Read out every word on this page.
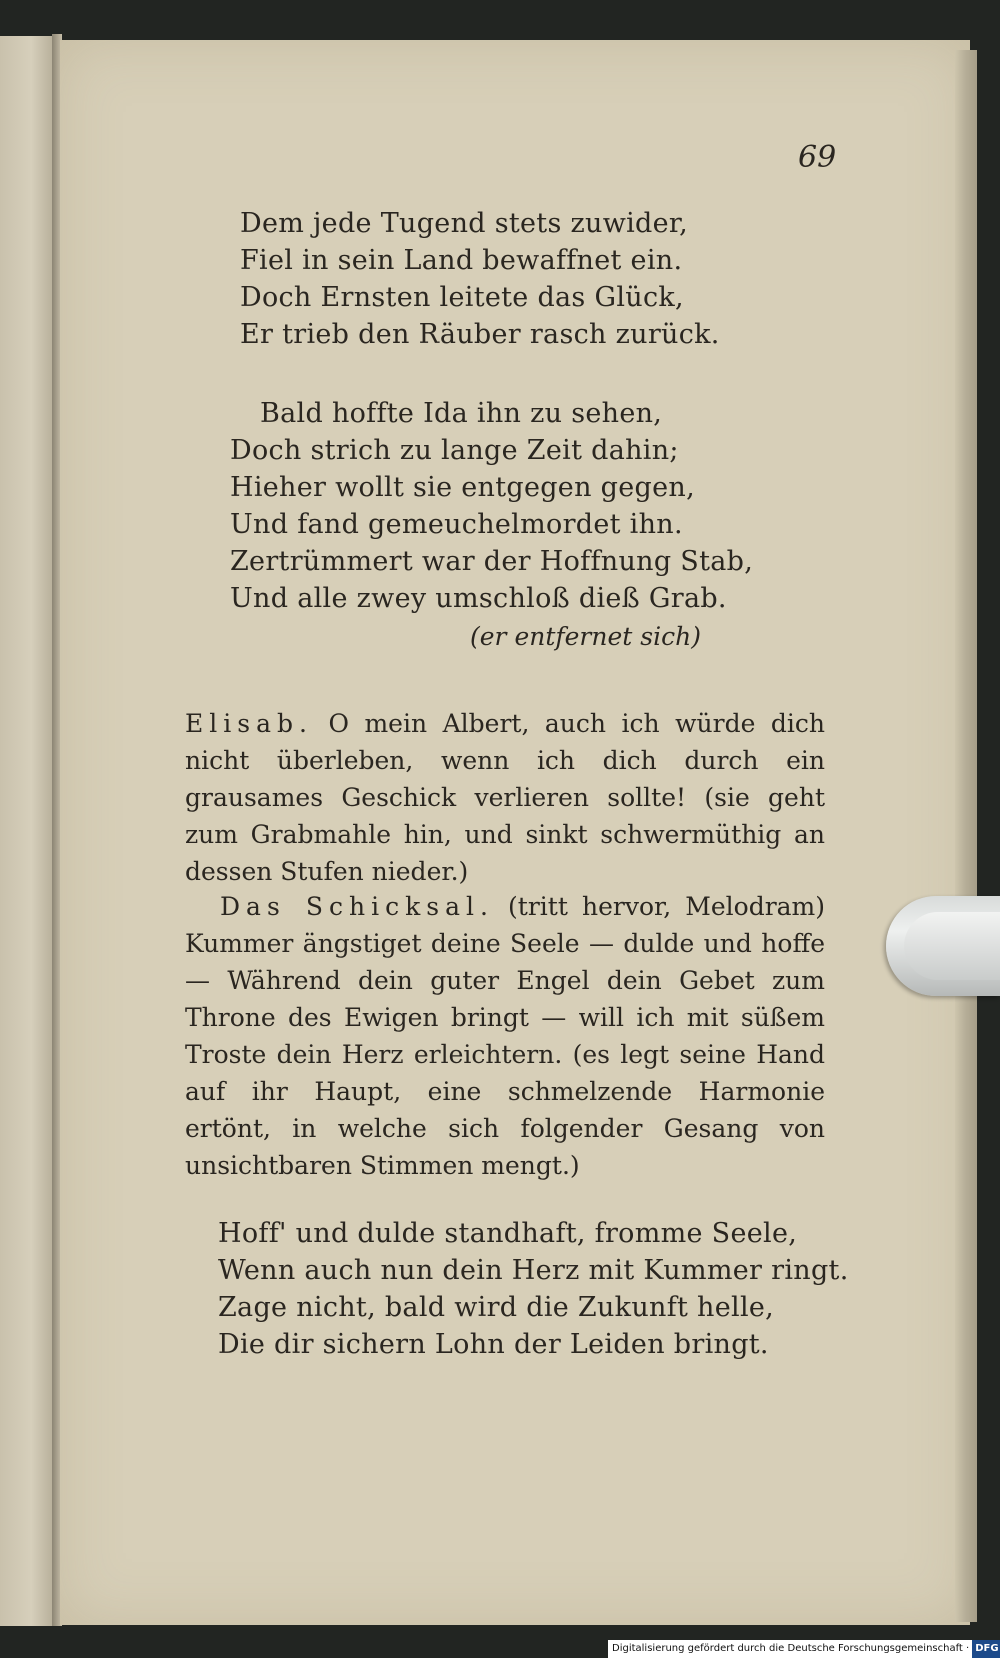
69
Dem jede Tugend stets zuwider,
Fiel in sein Land bewaffnet ein.
Doch Ernsten leitete das Glück,
Er trieb den Räuber rasch zurück.
Bald hoffte Ida ihn zu sehen,
Doch strich zu lange Zeit dahin;
Hieher wollt sie entgegen gegen,
Und fand gemeuchelmordet ihn.
Zertrümmert war der Hoffnung Stab,
Und alle zwey umschloß dieß Grab.
(er entfernet sich)

Elisab. O mein Albert, auch ich würde dich nicht überleben, wenn ich dich durch ein grausames Geschick verlieren sollte! (sie geht zum Grabmahle hin, und sinkt schwermüthig an dessen Stufen nieder.)

Das Schicksal. (tritt hervor, Melodram) Kummer ängstiget deine Seele — dulde und hoffe — Während dein guter Engel dein Gebet zum Throne des Ewigen bringt — will ich mit süßem Troste dein Herz erleichtern. (es legt seine Hand auf ihr Haupt, eine schmelzende Harmonie ertönt, in welche sich folgender Gesang von unsichtbaren Stimmen mengt.)

Hoff' und dulde standhaft, fromme Seele,
Wenn auch nun dein Herz mit Kummer ringt.
Zage nicht, bald wird die Zukunft helle,
Die dir sichern Lohn der Leiden bringt.
Digitalisierung gefördert durch die Deutsche Forschungsgemeinschaft · DFG
